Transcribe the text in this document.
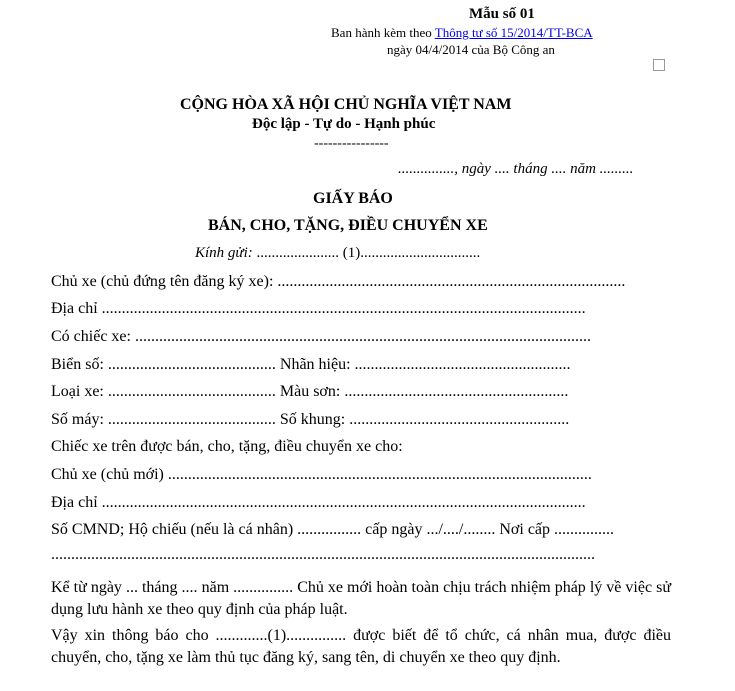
Mẫu số 01
Ban hành kèm theo Thông tư số 15/2014/TT-BCA
ngày 04/4/2014 của Bộ Công an
CỘNG HÒA XÃ HỘI CHỦ NGHĨA VIỆT NAM
Độc lập - Tự do - Hạnh phúc
----------------
..............., ngày .... tháng .... năm .........
GIẤY BÁO
BÁN, CHO, TẶNG, ĐIỀU CHUYỂN XE
Kính gửi: ...................... (1)................................
Chủ xe (chủ đứng tên đăng ký xe): .......................................................................................
Địa chỉ .........................................................................................................................
Có chiếc xe: ..................................................................................................................
Biển số: .......................................... Nhãn hiệu: ......................................................
Loại xe: .......................................... Màu sơn: ........................................................
Số máy: .......................................... Số khung: .......................................................
Chiếc xe trên được bán, cho, tặng, điều chuyển xe cho:
Chủ xe (chủ mới) ..........................................................................................................
Địa chỉ .........................................................................................................................
Số CMND; Hộ chiếu (nếu là cá nhân) ................ cấp ngày .../..../........ Nơi cấp ...............
........................................................................................................................................
Kể từ ngày ... tháng .... năm ............... Chủ xe mới hoàn toàn chịu trách nhiệm pháp lý về việc sử dụng lưu hành xe theo quy định của pháp luật.
Vậy xin thông báo cho .............(1)............... được biết để tổ chức, cá nhân mua, được điều chuyển, cho, tặng xe làm thủ tục đăng ký, sang tên, di chuyển xe theo quy định.
